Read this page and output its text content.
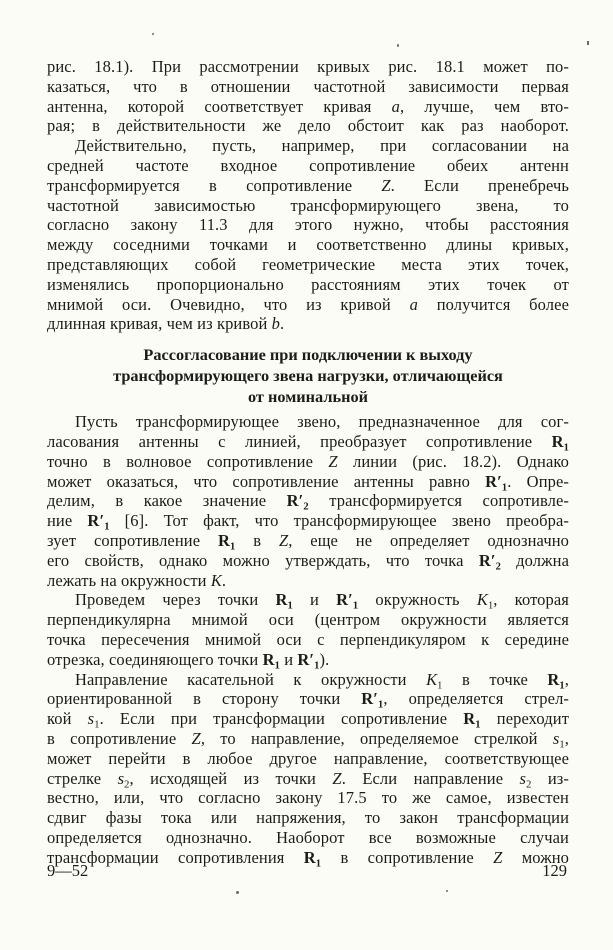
рис. 18.1). При рассмотрении кривых рис. 18.1 может по-
казаться, что в отношении частотной зависимости первая
антенна, которой соответствует кривая a, лучше, чем вто-
рая; в действительности же дело обстоит как раз наоборот.
Действительно, пусть, например, при согласовании на
средней частоте входное сопротивление обеих антенн
трансформируется в сопротивление Z. Если пренебречь
частотной зависимостью трансформирующего звена, то
согласно закону 11.3 для этого нужно, чтобы расстояния
между соседними точками и соответственно длины кривых,
представляющих собой геометрические места этих точек,
изменялись пропорционально расстояниям этих точек от
мнимой оси. Очевидно, что из кривой a получится более
длинная кривая, чем из кривой b.
Рассогласование при подключении к выходу
трансформирующего звена нагрузки, отличающейся
от номинальной
Пусть трансформирующее звено, предназначенное для сог-
ласования антенны с линией, преобразует сопротивление $R_1$
точно в волновое сопротивление Z линии (рис. 18.2). Однако
может оказаться, что сопротивление антенны равно $R'_1$. Опре-
делим, в какое значение $R'_2$ трансформируется сопротивле-
ние $R'_1$ [6]. Тот факт, что трансформирующее звено преобра-
зует сопротивление $R_1$ в Z, еще не определяет однозначно
его свойств, однако можно утверждать, что точка $R'_2$ должна
лежать на окружности K.
Проведем через точки $R_1$ и $R'_1$ окружность $K_1$, которая
перпендикулярна мнимой оси (центром окружности является
точка пересечения мнимой оси с перпендикуляром к середине
отрезка, соединяющего точки $R_1$ и $R'_1$).
Направление касательной к окружности $K_1$ в точке $R_1$,
ориентированной в сторону точки $R'_1$, определяется стрел-
кой $s_1$. Если при трансформации сопротивление $R_1$ переходит
в сопротивление Z, то направление, определяемое стрелкой $s_1$,
может перейти в любое другое направление, соответствующее
стрелке $s_2$, исходящей из точки Z. Если направление $s_2$ из-
вестно, или, что согласно закону 17.5 то же самое, известен
сдвиг фазы тока или напряжения, то закон трансформации
определяется однозначно. Наоборот все возможные случаи
трансформации сопротивления $R_1$ в сопротивление Z можно
9—52	129
